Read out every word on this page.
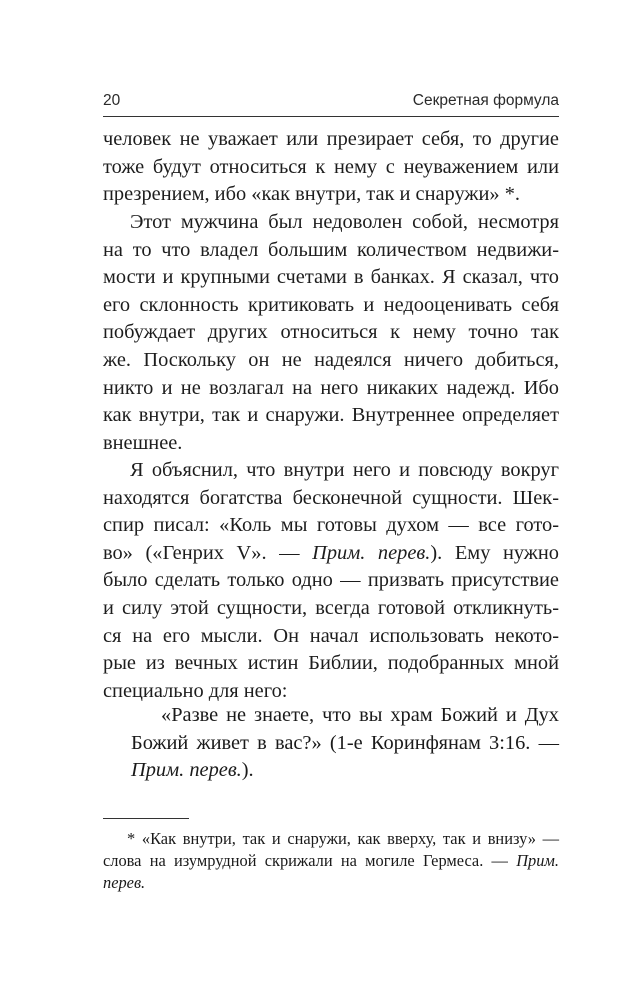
20	Секретная формула
человек не уважает или презирает себя, то другие
тоже будут относиться к нему с неуважением или
презрением, ибо «как внутри, так и снаружи» *.
Этот мужчина был недоволен собой, несмотря
на то что владел большим количеством недвижи-
мости и крупными счетами в банках. Я сказал, что
его склонность критиковать и недооценивать себя
побуждает других относиться к нему точно так
же. Поскольку он не надеялся ничего добиться,
никто и не возлагал на него никаких надежд. Ибо
как внутри, так и снаружи. Внутреннее определяет
внешнее.
Я объяснил, что внутри него и повсюду вокруг
находятся богатства бесконечной сущности. Шек-
спир писал: «Коль мы готовы духом — все гото-
во» («Генрих V». — Прим. перев.). Ему нужно
было сделать только одно — призвать присутствие
и силу этой сущности, всегда готовой откликнуть-
ся на его мысли. Он начал использовать некото-
рые из вечных истин Библии, подобранных мной
специально для него:
«Разве не знаете, что вы храм Божий и Дух
Божий живет в вас?» (1-е Коринфянам 3:16. —
Прим. перев.).
* «Как внутри, так и снаружи, как вверху, так и внизу» —
слова на изумрудной скрижали на могиле Гермеса. — Прим.
перев.
